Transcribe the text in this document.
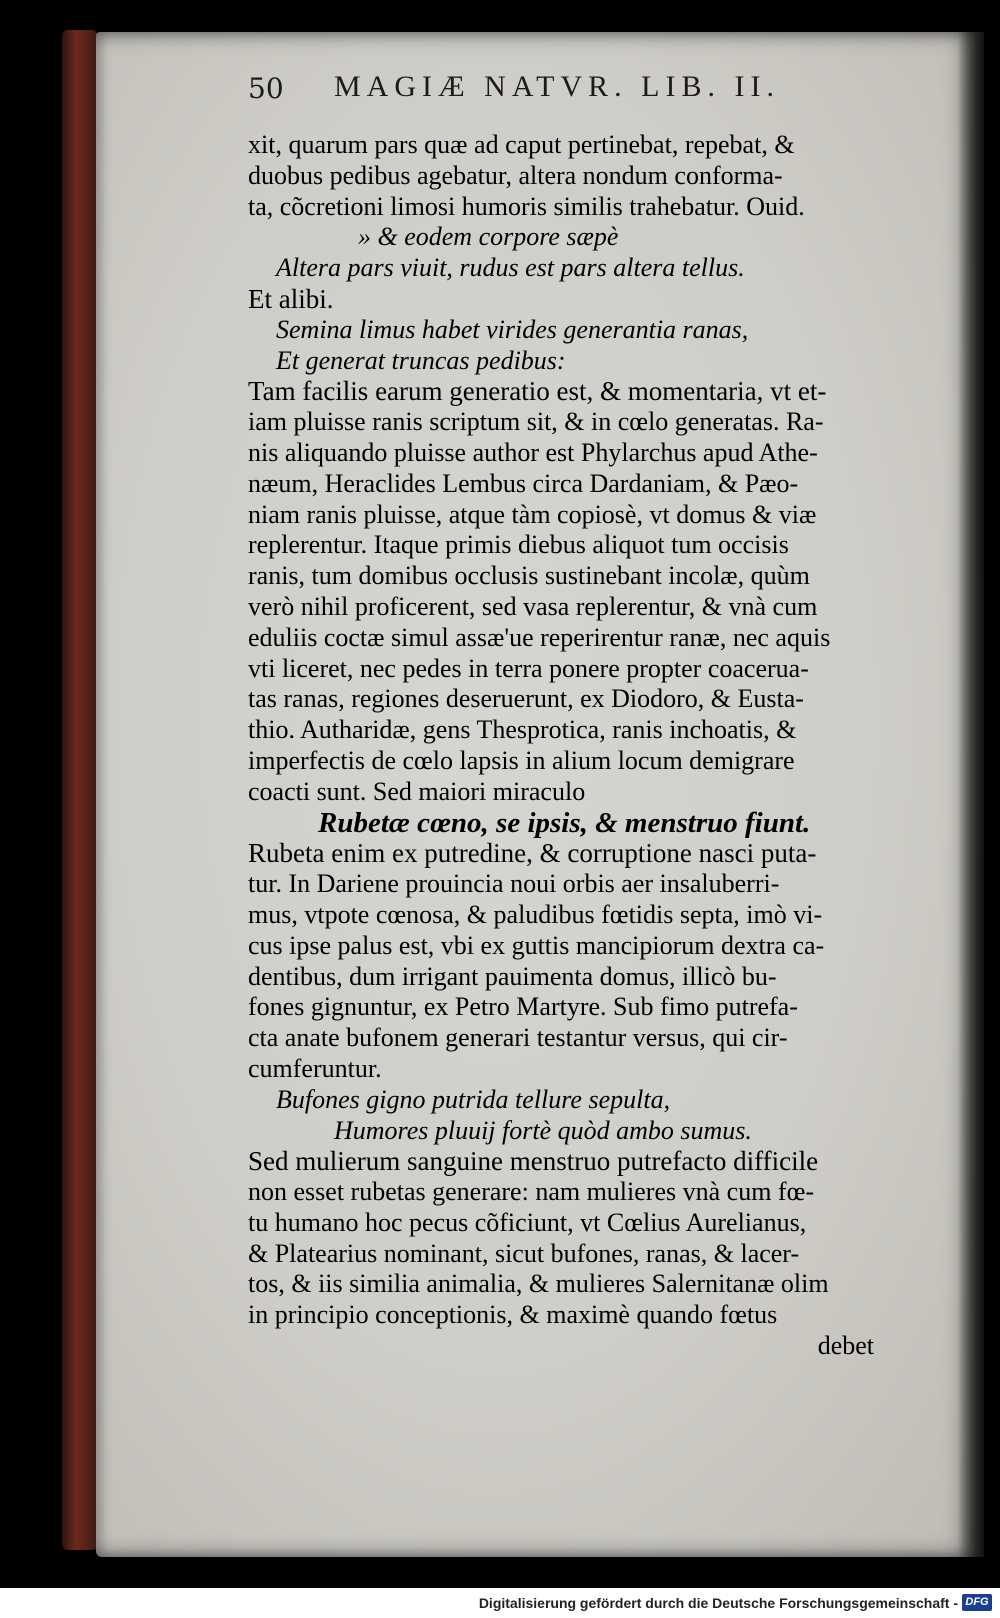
50 MAGIÆ NATVR. LIB. II.
xit, quarum pars quæ ad caput pertinebat, repebat, &
duobus pedibus agebatur, altera nondum conforma-
ta, cõcretioni limosi humoris similis trahebatur. Ouid.
» & eodem corpore sæpè
Altera pars viuit, rudus est pars altera tellus.
Et alibi.
Semina limus habet virides generantia ranas,
Et generat truncas pedibus:
Tam facilis earum generatio est, & momentaria, vt et-
iam pluisse ranis scriptum sit, & in cœlo generatas. Ra-
nis aliquando pluisse author est Phylarchus apud Athe-
næum, Heraclides Lembus circa Dardaniam, & Pæo-
niam ranis pluisse, atque tàm copiosè, vt domus & viæ
replerentur. Itaque primis diebus aliquot tum occisis
ranis, tum domibus occlusis sustinebant incolæ, quùm
verò nihil proficerent, sed vasa replerentur, & vnà cum
eduliis coctæ simul assæ'ue reperirentur ranæ, nec aquis
vti liceret, nec pedes in terra ponere propter coaceruа-
tas ranas, regiones deseruerunt, ex Diodoro, & Eusta-
thio. Autharidæ, gens Thesprotica, ranis inchoatis, &
imperfectis de cœlo lapsis in alium locum demigrare
coacti sunt. Sed maiori miraculo
Rubetæ cœno, se ipsis, & menstruo fiunt.
Rubeta enim ex putredine, & corruptione nasci puta-
tur. In Dariene prouincia noui orbis aer insaluberri-
mus, vtpote cœnosa, & paludibus fœtidis septa, imò vi-
cus ipse palus est, vbi ex guttis mancipiorum dextra ca-
dentibus, dum irrigant pauimenta domus, illicò bu-
fones gignuntur, ex Petro Martyre. Sub fimo putrefa-
cta anate bufonem generari testantur versus, qui cir-
cumferuntur.
Bufones gigno putrida tellure sepulta,
Humores pluuij fortè quòd ambo sumus.
Sed mulierum sanguine menstruo putrefacto difficile
non esset rubetas generare: nam mulieres vnà cum fœ-
tu humano hoc pecus cõficiunt, vt Cœlius Aurelianus,
& Platearius nominant, sicut bufones, ranas, & lacer-
tos, & iis similia animalia, & mulieres Salernitanæ olim
in principio conceptionis, & maximè quando fœtus
debet
Digitalisierung gefördert durch die Deutsche Forschungsgemeinschaft - DFG
